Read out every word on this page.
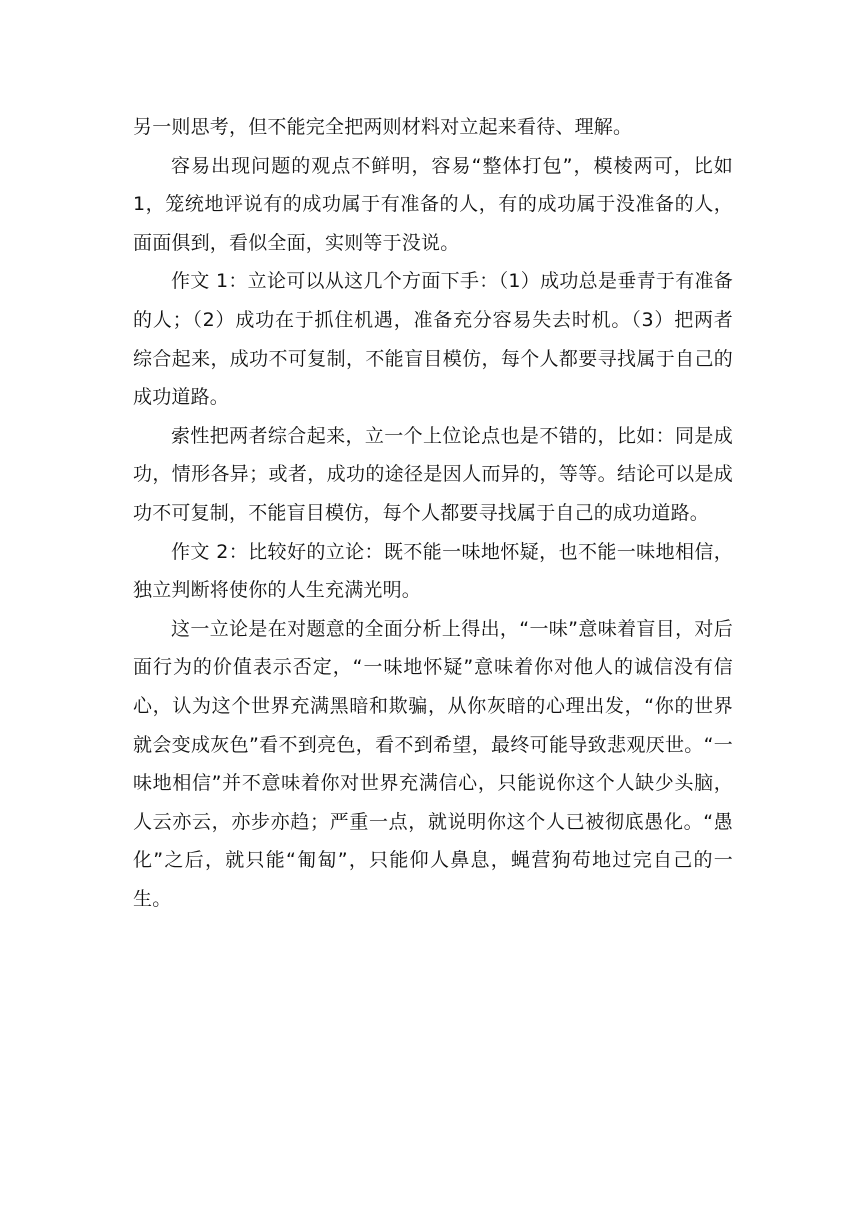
另一则思考，但不能完全把两则材料对立起来看待、理解。

容易出现问题的观点不鲜明，容易“整体打包”，模棱两可，比如 1，笼统地评说有的成功属于有准备的人，有的成功属于没准备的人，面面俱到，看似全面，实则等于没说。

作文 1：立论可以从这几个方面下手：（1）成功总是垂青于有准备的人；（2）成功在于抓住机遇，准备充分容易失去时机。（3）把两者综合起来，成功不可复制，不能盲目模仿，每个人都要寻找属于自己的成功道路。

索性把两者综合起来，立一个上位论点也是不错的，比如：同是成功，情形各异；或者，成功的途径是因人而异的，等等。结论可以是成功不可复制，不能盲目模仿，每个人都要寻找属于自己的成功道路。

作文 2：比较好的立论：既不能一味地怀疑，也不能一味地相信，独立判断将使你的人生充满光明。

这一立论是在对题意的全面分析上得出，“一味”意味着盲目，对后面行为的价值表示否定，“一味地怀疑”意味着你对他人的诚信没有信心，认为这个世界充满黑暗和欺骗，从你灰暗的心理出发，“你的世界就会变成灰色”看不到亮色，看不到希望，最终可能导致悲观厌世。“一味地相信”并不意味着你对世界充满信心，只能说你这个人缺少头脑，人云亦云，亦步亦趋；严重一点，就说明你这个人已被彻底愚化。“愚化”之后，就只能“匍匐”，只能仰人鼻息，蝇营狗苟地过完自己的一生。
